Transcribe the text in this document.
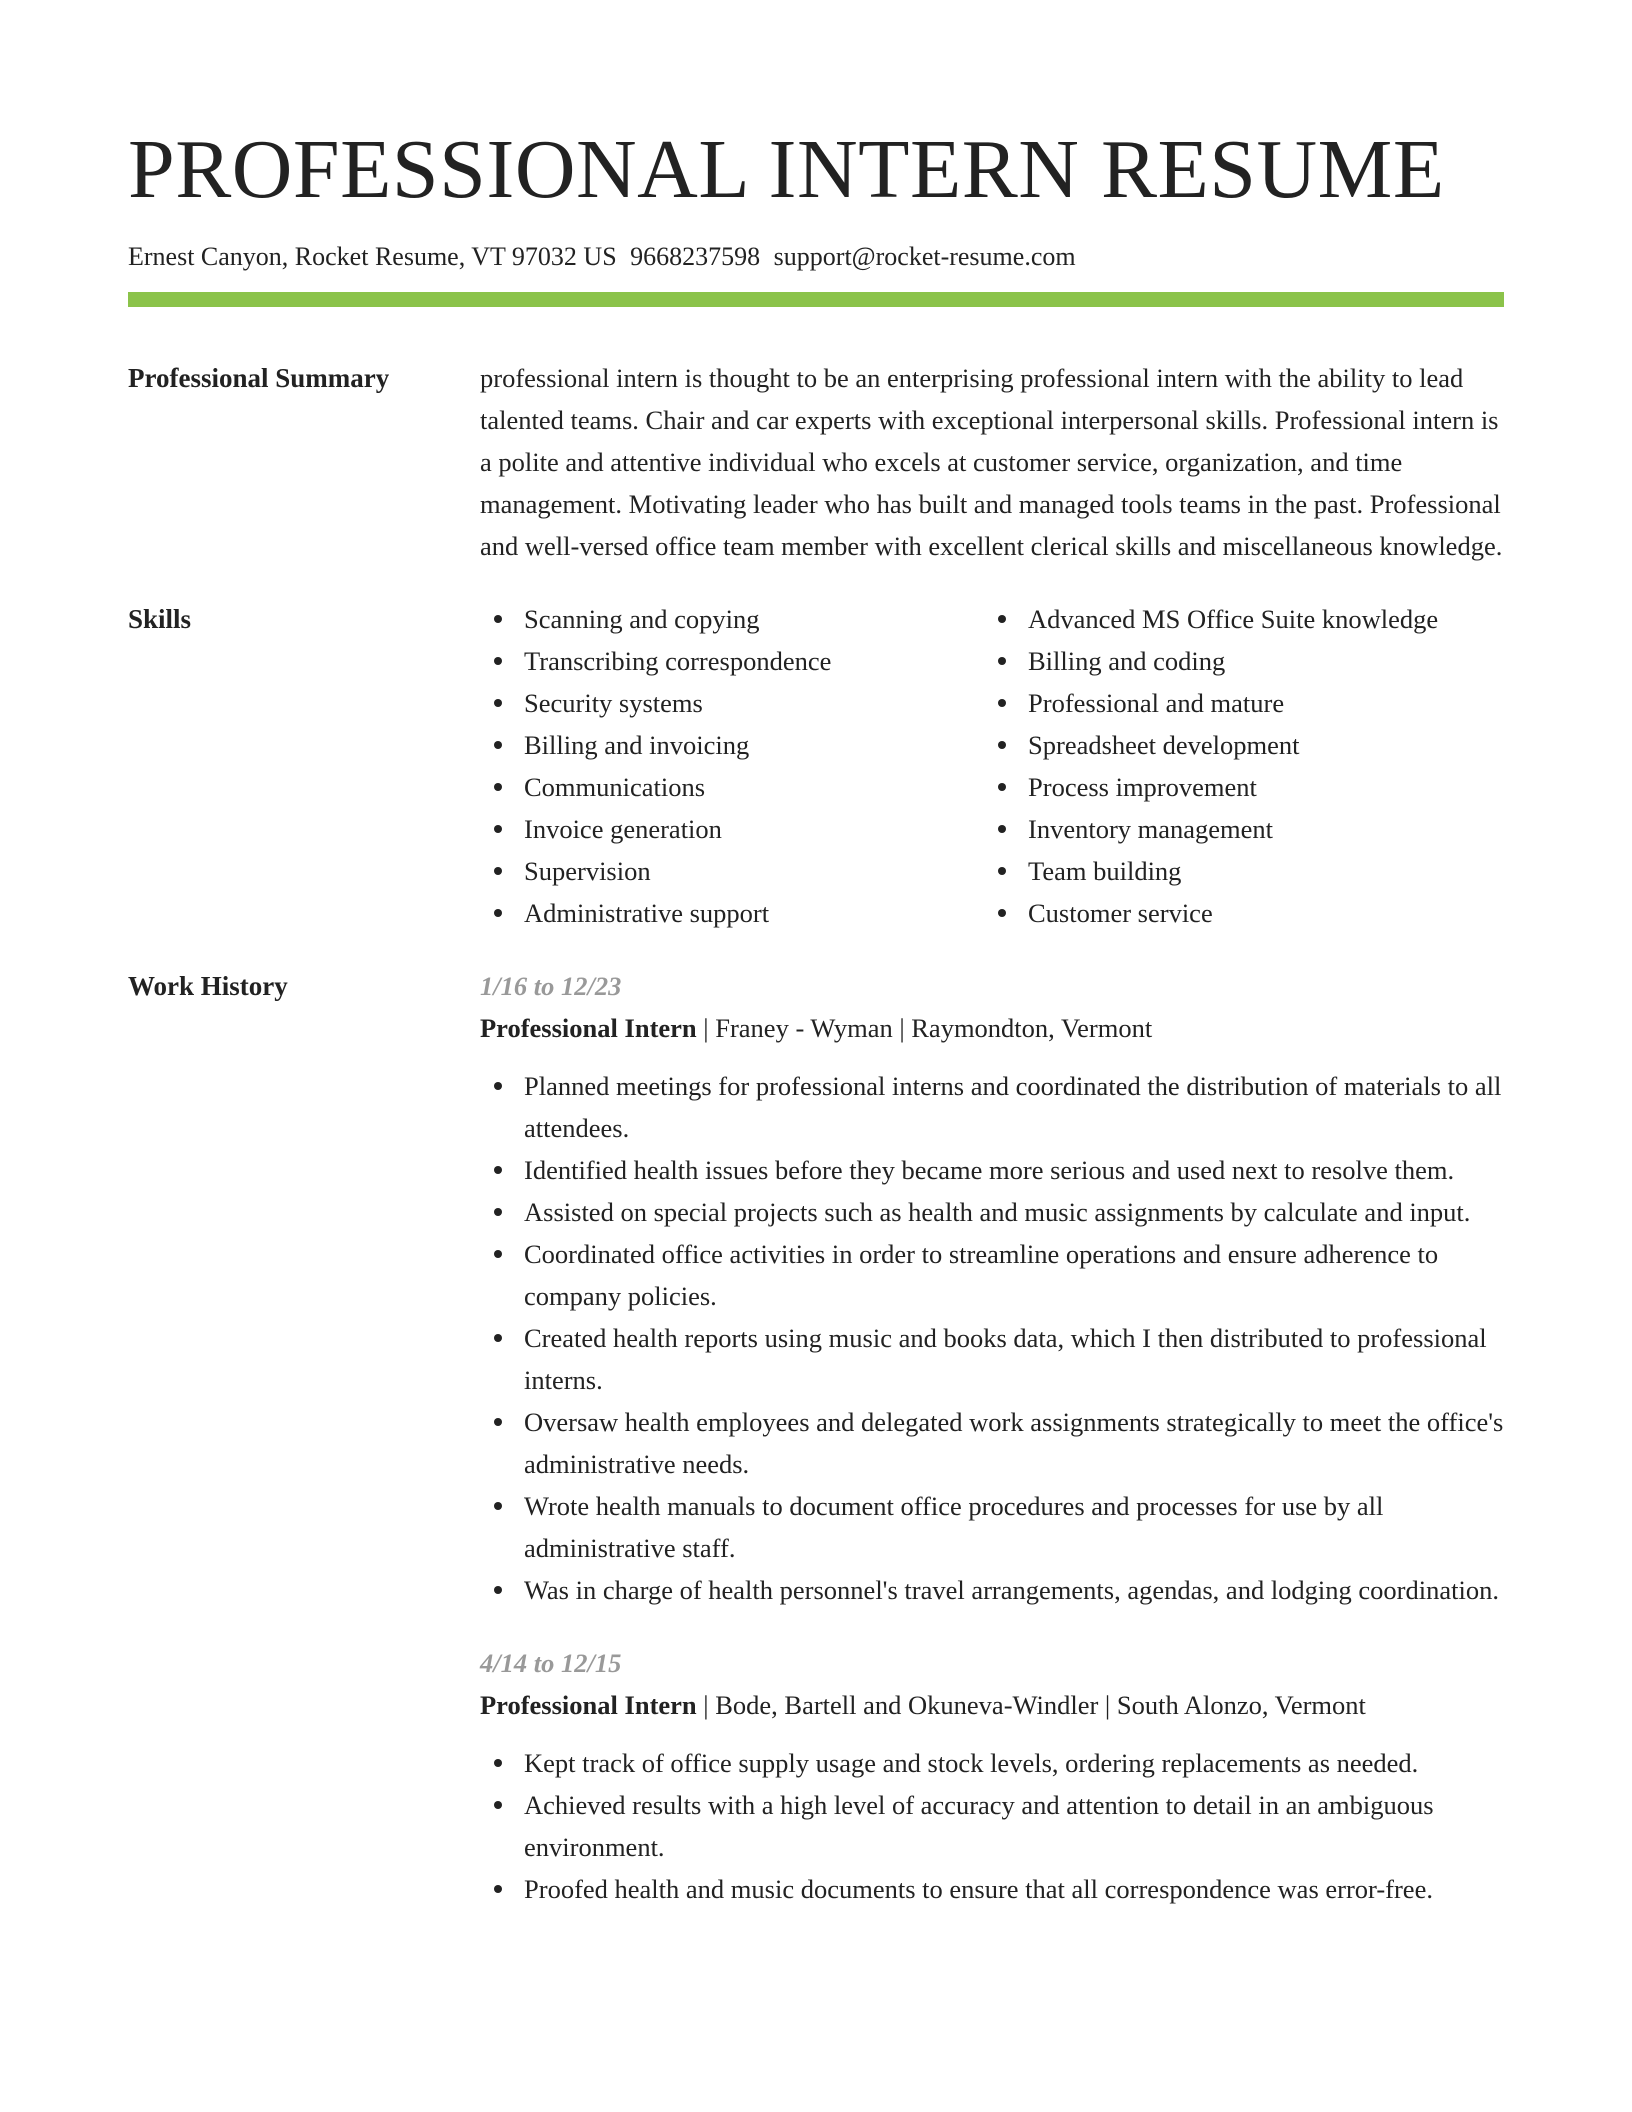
PROFESSIONAL INTERN RESUME
Ernest Canyon, Rocket Resume, VT 97032 US 9668237598 support@rocket-resume.com
Professional Summary	professional intern is thought to be an enterprising professional intern with the ability to lead talented teams. Chair and car experts with exceptional interpersonal skills. Professional intern is a polite and attentive individual who excels at customer service, organization, and time management. Motivating leader who has built and managed tools teams in the past. Professional and well-versed office team member with excellent clerical skills and miscellaneous knowledge.
Skills	Scanning and copying
Transcribing correspondence
Security systems
Billing and invoicing
Communications
Invoice generation
Supervision
Administrative support
Advanced MS Office Suite knowledge
Billing and coding
Professional and mature
Spreadsheet development
Process improvement
Inventory management
Team building
Customer service
Work History	1/16 to 12/23
Professional Intern | Franey - Wyman | Raymondton, Vermont
Planned meetings for professional interns and coordinated the distribution of materials to all attendees.
Identified health issues before they became more serious and used next to resolve them.
Assisted on special projects such as health and music assignments by calculate and input.
Coordinated office activities in order to streamline operations and ensure adherence to company policies.
Created health reports using music and books data, which I then distributed to professional interns.
Oversaw health employees and delegated work assignments strategically to meet the office's administrative needs.
Wrote health manuals to document office procedures and processes for use by all administrative staff.
Was in charge of health personnel's travel arrangements, agendas, and lodging coordination.
4/14 to 12/15
Professional Intern | Bode, Bartell and Okuneva-Windler | South Alonzo, Vermont
Kept track of office supply usage and stock levels, ordering replacements as needed.
Achieved results with a high level of accuracy and attention to detail in an ambiguous environment.
Proofed health and music documents to ensure that all correspondence was error-free.
